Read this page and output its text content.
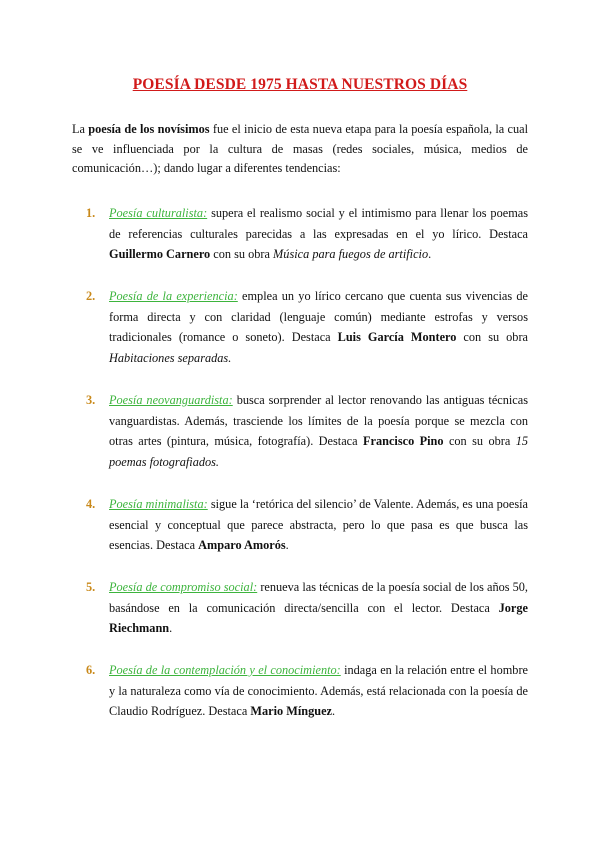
POESÍA DESDE 1975 HASTA NUESTROS DÍAS

La poesía de los novísimos fue el inicio de esta nueva etapa para la poesía española, la cual se ve influenciada por la cultura de masas (redes sociales, música, medios de comunicación…); dando lugar a diferentes tendencias:

1. Poesía culturalista: supera el realismo social y el intimismo para llenar los poemas de referencias culturales parecidas a las expresadas en el yo lírico. Destaca Guillermo Carnero con su obra Música para fuegos de artificio.
2. Poesía de la experiencia: emplea un yo lírico cercano que cuenta sus vivencias de forma directa y con claridad (lenguaje común) mediante estrofas y versos tradicionales (romance o soneto). Destaca Luis García Montero con su obra Habitaciones separadas.
3. Poesía neovanguardista: busca sorprender al lector renovando las antiguas técnicas vanguardistas. Además, trasciende los límites de la poesía porque se mezcla con otras artes (pintura, música, fotografía). Destaca Francisco Pino con su obra 15 poemas fotografiados.
4. Poesía minimalista: sigue la ‘retórica del silencio’ de Valente. Además, es una poesía esencial y conceptual que parece abstracta, pero lo que pasa es que busca las esencias. Destaca Amparo Amorós.
5. Poesía de compromiso social: renueva las técnicas de la poesía social de los años 50, basándose en la comunicación directa/sencilla con el lector. Destaca Jorge Riechmann.
6. Poesía de la contemplación y el conocimiento: indaga en la relación entre el hombre y la naturaleza como vía de conocimiento. Además, está relacionada con la poesía de Claudio Rodríguez. Destaca Mario Mínguez.
